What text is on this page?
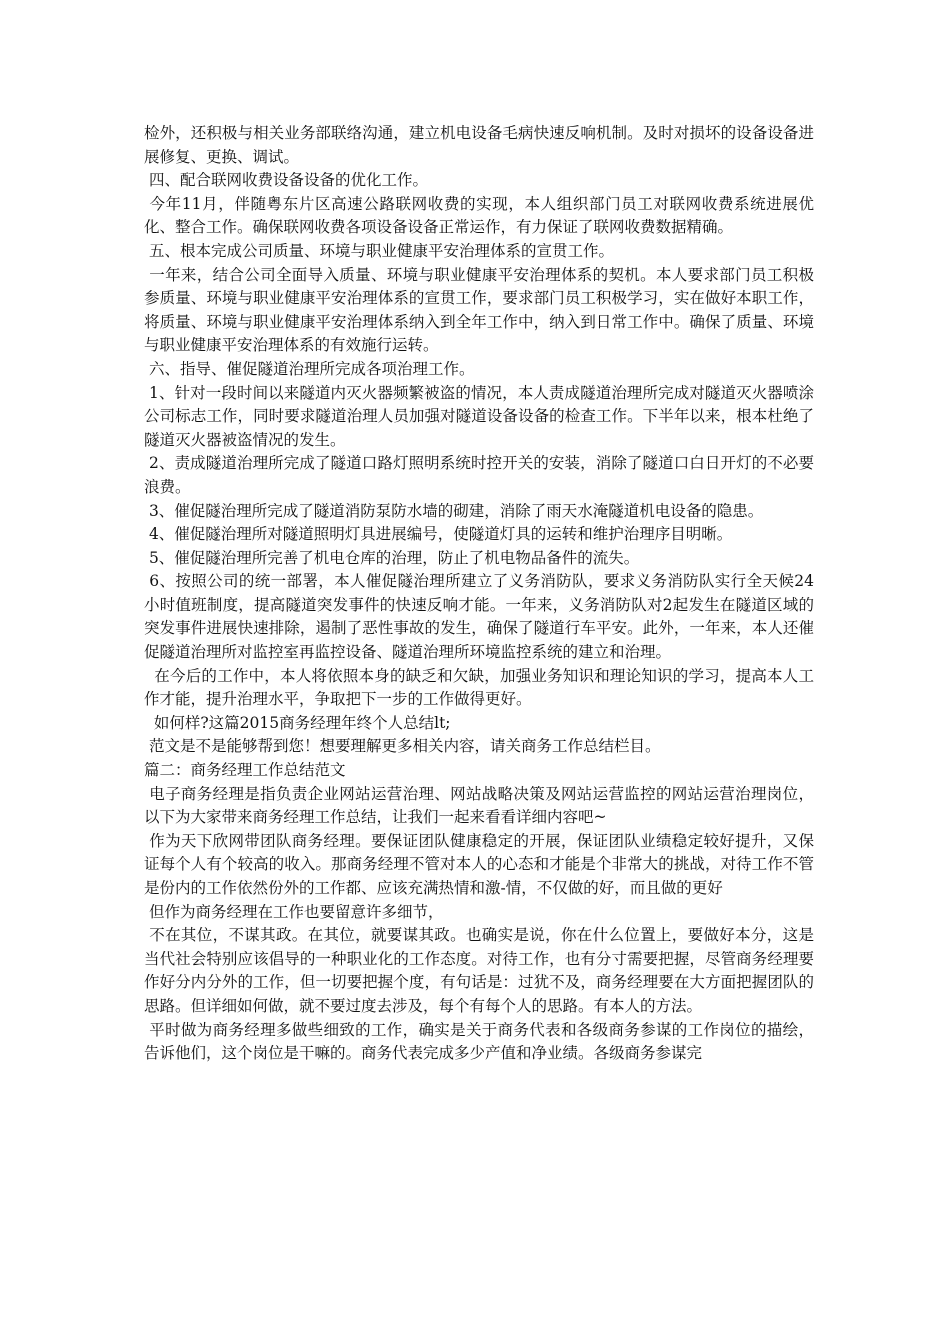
检外，还积极与相关业务部联络沟通，建立机电设备毛病快速反响机制。及时对损坏的设备设备进展修复、更换、调试。

四、配合联网收费设备设备的优化工作。

今年11月，伴随粤东片区高速公路联网收费的实现，本人组织部门员工对联网收费系统进展优化、整合工作。确保联网收费各项设备设备正常运作，有力保证了联网收费数据精确。

五、根本完成公司质量、环境与职业健康平安治理体系的宣贯工作。

一年来，结合公司全面导入质量、环境与职业健康平安治理体系的契机。本人要求部门员工积极参质量、环境与职业健康平安治理体系的宣贯工作，要求部门员工积极学习，实在做好本职工作，将质量、环境与职业健康平安治理体系纳入到全年工作中，纳入到日常工作中。确保了质量、环境与职业健康平安治理体系的有效施行运转。

六、指导、催促隧道治理所完成各项治理工作。

1、针对一段时间以来隧道内灭火器频繁被盗的情况，本人责成隧道治理所完成对隧道灭火器喷涂公司标志工作，同时要求隧道治理人员加强对隧道设备设备的检查工作。下半年以来，根本杜绝了隧道灭火器被盗情况的发生。

2、责成隧道治理所完成了隧道口路灯照明系统时控开关的安装，消除了隧道口白日开灯的不必要浪费。

3、催促隧治理所完成了隧道消防泵防水墙的砌建，消除了雨天水淹隧道机电设备的隐患。

4、催促隧治理所对隧道照明灯具进展编号，使隧道灯具的运转和维护治理序目明晰。

5、催促隧治理所完善了机电仓库的治理，防止了机电物品备件的流失。

6、按照公司的统一部署，本人催促隧治理所建立了义务消防队，要求义务消防队实行全天候24小时值班制度，提高隧道突发事件的快速反响才能。一年来，义务消防队对2起发生在隧道区域的突发事件进展快速排除，遏制了恶性事故的发生，确保了隧道行车平安。此外，一年来，本人还催促隧道治理所对监控室再监控设备、隧道治理所环境监控系统的建立和治理。

在今后的工作中，本人将依照本身的缺乏和欠缺，加强业务知识和理论知识的学习，提高本人工作才能，提升治理水平，争取把下一步的工作做得更好。

如何样?这篇2015商务经理年终个人总结lt;

范文是不是能够帮到您！想要理解更多相关内容，请关商务工作总结栏目。

篇二：商务经理工作总结范文

电子商务经理是指负责企业网站运营治理、网站战略决策及网站运营监控的网站运营治理岗位，以下为大家带来商务经理工作总结，让我们一起来看看详细内容吧~

作为天下欣网带团队商务经理。要保证团队健康稳定的开展，保证团队业绩稳定较好提升，又保证每个人有个较高的收入。那商务经理不管对本人的心态和才能是个非常大的挑战，对待工作不管是份内的工作依然份外的工作都、应该充满热情和激-情，不仅做的好，而且做的更好

但作为商务经理在工作也要留意许多细节，

不在其位，不谋其政。在其位，就要谋其政。也确实是说，你在什么位置上，要做好本分，这是当代社会特别应该倡导的一种职业化的工作态度。对待工作，也有分寸需要把握，尽管商务经理要作好分内分外的工作，但一切要把握个度，有句话是：过犹不及，商务经理要在大方面把握团队的思路。但详细如何做，就不要过度去涉及，每个有每个人的思路。有本人的方法。

平时做为商务经理多做些细致的工作，确实是关于商务代表和各级商务参谋的工作岗位的描绘，告诉他们，这个岗位是干嘛的。商务代表完成多少产值和净业绩。各级商务参谋完
